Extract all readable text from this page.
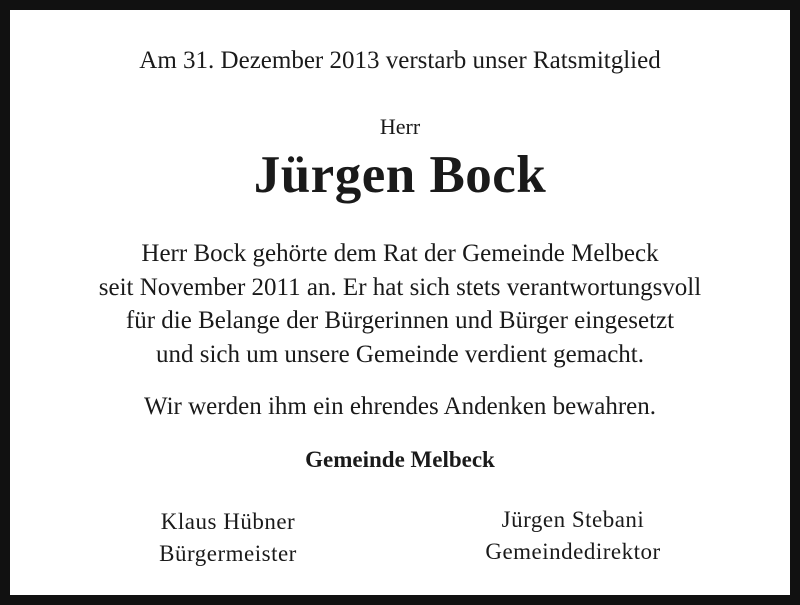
Am 31. Dezember 2013 verstarb unser Ratsmitglied
Herr
Jürgen Bock
Herr Bock gehörte dem Rat der Gemeinde Melbeck
seit November 2011 an. Er hat sich stets verantwortungsvoll
für die Belange der Bürgerinnen und Bürger eingesetzt
und sich um unsere Gemeinde verdient gemacht.
Wir werden ihm ein ehrendes Andenken bewahren.
Gemeinde Melbeck
Klaus Hübner
Bürgermeister
Jürgen Stebani
Gemeindedirektor
